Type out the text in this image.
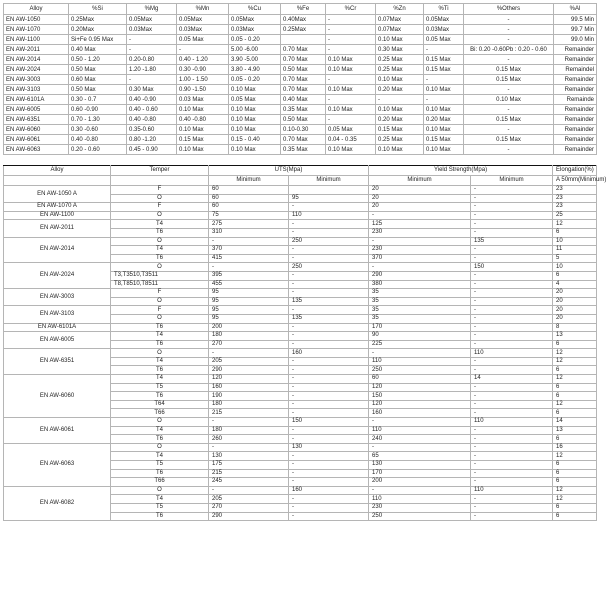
Alloy	%Si	%Mg	%Mn	%Cu	%Fe	%Cr	%Zn	%Ti	%Others	%Al
EN AW-1050	0.25Max	0.05Max	0.05Max	0.05Max	0.40Max	-	0.07Max	0.05Max	-	99.5 Min
EN AW-1070	0.20Max	0.03Max	0.03Max	0.03Max	0.25Max	-	0.07Max	0.03Max	-	99.7 Min
EN AW-1100	Si+Fe 0.95 Max	-	0.05 Max	0.05 - 0.20		-	0.10 Max	0.05 Max	-	99.0 Min
EN AW-2011	0.40 Max	-	-	5.00 -6.00	0.70 Max	-	0.30 Max	-	Bi: 0.20 -0.60Pb : 0.20 - 0.60	Remainder
EN AW-2014	0.50 - 1.20	0.20-0.80	0.40 - 1.20	3.90 -5.00	0.70 Max	0.10 Max	0.25 Max	0.15 Max	-	Remainder
EN AW-2024	0.50 Max	1.20 -1.80	0.30 -0.90	3.80 - 4.90	0.50 Max	0.10 Max	0.25 Max	0.15 Max	0.15 Max	Remaindel
EN AW-3003	0.60 Max	-	1.00 - 1.50	0.05 - 0.20	0.70 Max	-	0.10 Max	-	0.15 Max	Remainder
EN AW-3103	0.50 Max	0.30 Max	0.90 -1.50	0.10 Max	0.70 Max	0.10 Max	0.20 Max	0.10 Max	-	Remainder
EN AW-6101A	0.30 - 0.7	0.40 -0.90	0.03 Max	0.05 Max	0.40 Max	-	-	-	0.10 Max	Remainde
EN AW-6005	0.60 -0.90	0.40 - 0.60	0.10 Max	0.10 Max	0.35 Max	0.10 Max	0.10 Max	0.10 Max	-	Remainder
EN AW-6351	0.70 - 1.30	0.40 -0.80	0.40 -0.80	0.10 Max	0.50 Max	-	0.20 Max	0.20 Max	0.15 Max	Remainder
EN AW-6060	0.30 -0.60	0.35-0.60	0.10 Max	0.10 Max	0.10-0.30	0.05 Max	0.15 Max	0.10 Max	-	Remainder
EN AW-6061	0.40 -0.80	0.80 -1.20	0.15 Max	0.15 - 0.40	0.70 Max	0.04 - 0.35	0.25 Max	0.15 Max	0.15 Max	Remainder
EN AW-6063	0.20 - 0.60	0.45 - 0.90	0.10 Max	0.10 Max	0.35 Max	0.10 Max	0.10 Max	0.10 Max	-	Remainder
Alloy	Temper	UTS(Mpa)		Yield Strength(Mpa)		Elongation(%)
		Minimum	Minimum	Minimum	Minimum	A 50mm(Minimum)
EN AW-1050 A	F	60		20	-	23
	O	60	95	20	-	23
EN AW-1070 A	F	60	-	20	-	23
EN AW-1100	O	75	110	-	-	25
EN AW-2011	T4	275	-	125	-	12
	T6	310	-	230	-	6
EN AW-2014	O	-	250	-	135	10
	T4	370	-	230	-	11
	T6	415	-	370	-	5
EN AW-2024	O	-	250	-	150	10
	T3,T3510,T3511	395	-	290	-	6
	T8,T8510,T8511	455	-	380	-	4
EN AW-3003	F	95	-	35	-	20
	O	95	135	35	-	20
EN AW-3103	F	95	-	35	-	20
	O	95	135	35	-	20
EN AW-6101A	T6	200	-	170	-	8
EN AW-6005	T4	180	-	90	-	13
	T6	270	-	225	-	6
EN AW-6351	O	-	160	-	110	12
	T4	205	-	110	-	12
	T6	290	-	250	-	6
EN AW-6060	T4	120	-	60	14	12
	T5	160	-	120	-	6
	T6	190	-	150	-	6
	T64	180	-	120	-	12
	T66	215	-	160	-	6
EN AW-6061	O	-	150	-	110	14
	T4	180	-	110	-	13
	T6	260	-	240	-	6
EN AW-6063	O	-	130	-	-	16
	T4	130	-	65	-	12
	T5	175	-	130	-	6
	T6	215	-	170	-	6
	T66	245	-	200	-	6
EN AW-6082	O	-	160	-	110	12
	T4	205	-	110	-	12
	T5	270	-	230	-	6
	T6	290	-	250	-	6
